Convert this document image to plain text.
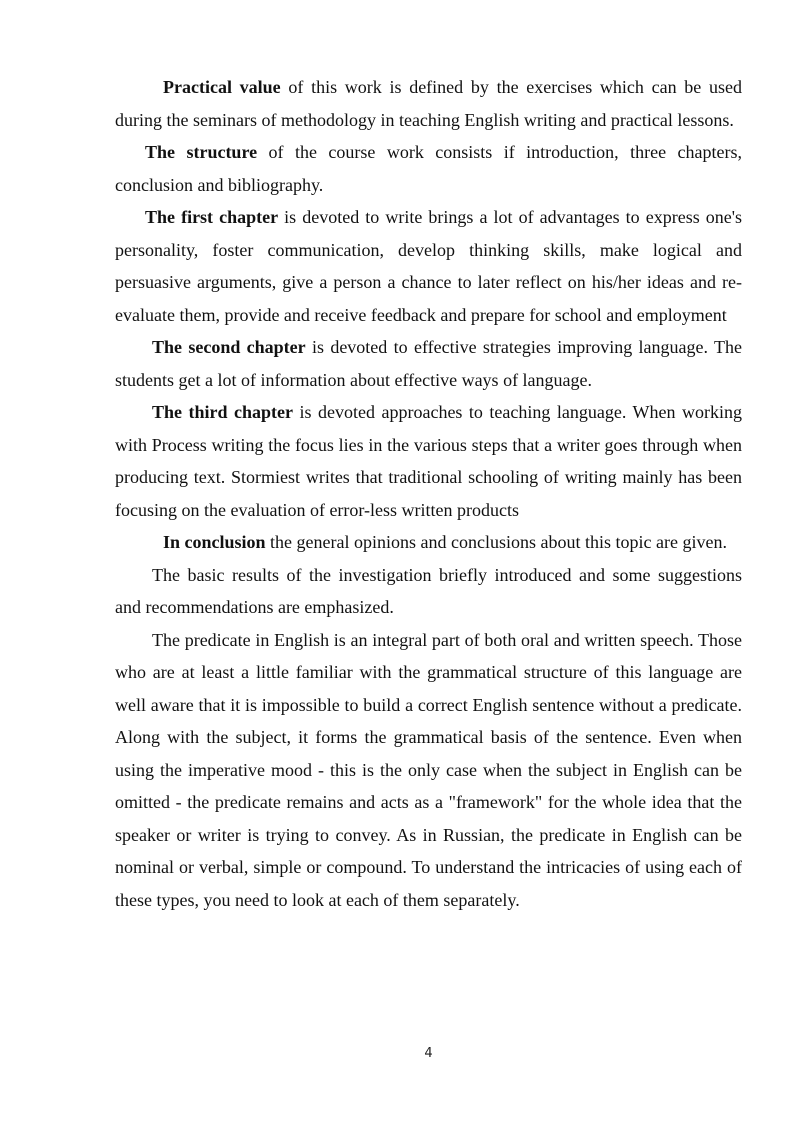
Practical value of this work is defined by the exercises which can be used during the seminars of methodology in teaching English writing and practical lessons.

The structure of the course work consists if introduction, three chapters, conclusion and bibliography.

The first chapter is devoted to write brings a lot of advantages to express one's personality, foster communication, develop thinking skills, make logical and persuasive arguments, give a person a chance to later reflect on his/her ideas and re-evaluate them, provide and receive feedback and prepare for school and employment

The second chapter is devoted to effective strategies improving language. The students get a lot of information about effective ways of language.

The third chapter is devoted approaches to teaching language. When working with Process writing the focus lies in the various steps that a writer goes through when producing text. Stormiest writes that traditional schooling of writing mainly has been focusing on the evaluation of error-less written products

In conclusion the general opinions and conclusions about this topic are given.

The basic results of the investigation briefly introduced and some suggestions and recommendations are emphasized.

The predicate in English is an integral part of both oral and written speech. Those who are at least a little familiar with the grammatical structure of this language are well aware that it is impossible to build a correct English sentence without a predicate. Along with the subject, it forms the grammatical basis of the sentence. Even when using the imperative mood - this is the only case when the subject in English can be omitted - the predicate remains and acts as a "framework" for the whole idea that the speaker or writer is trying to convey. As in Russian, the predicate in English can be nominal or verbal, simple or compound. To understand the intricacies of using each of these types, you need to look at each of them separately.

4
